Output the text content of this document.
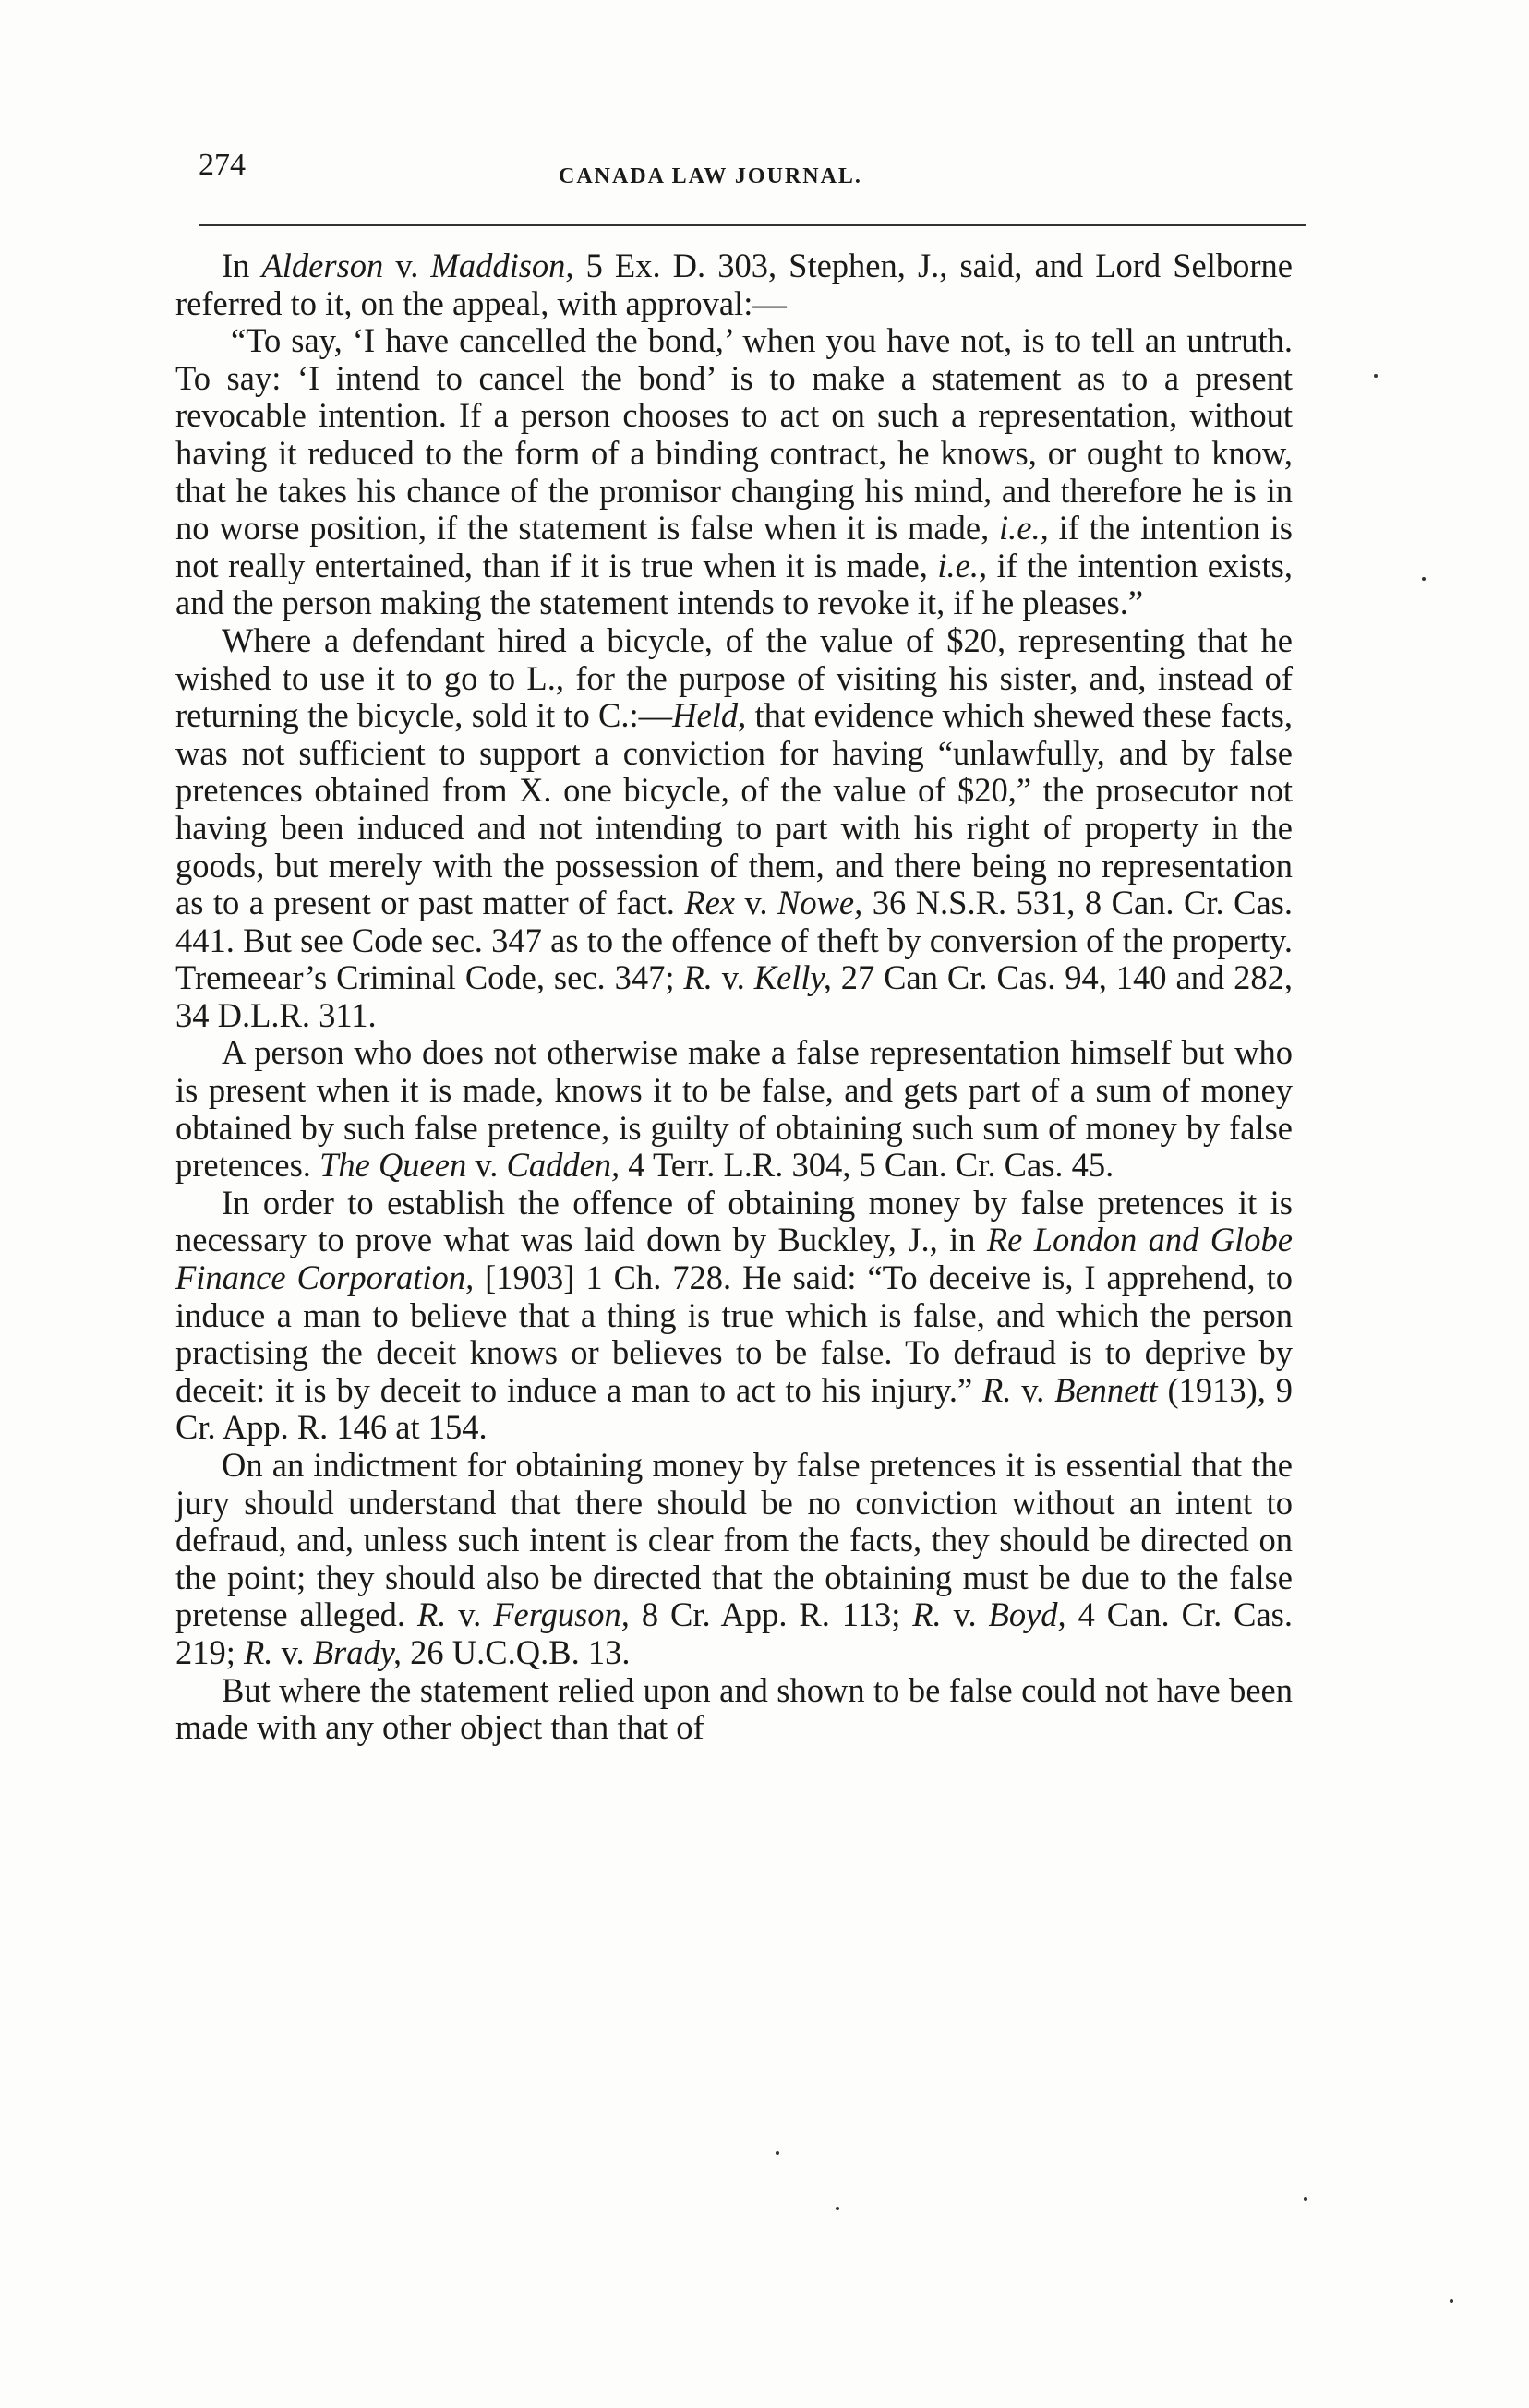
274	CANADA LAW JOURNAL.

In Alderson v. Maddison, 5 Ex. D. 303, Stephen, J., said, and Lord Selborne referred to it, on the appeal, with approval:—

“To say, ‘I have cancelled the bond,’ when you have not, is to tell an untruth. To say: ‘I intend to cancel the bond’ is to make a statement as to a present revocable intention. If a person chooses to act on such a representation, without having it reduced to the form of a binding contract, he knows, or ought to know, that he takes his chance of the promisor changing his mind, and therefore he is in no worse position, if the statement is false when it is made, i.e., if the intention is not really entertained, than if it is true when it is made, i.e., if the intention exists, and the person making the statement intends to revoke it, if he pleases.”

Where a defendant hired a bicycle, of the value of $20, representing that he wished to use it to go to L., for the purpose of visiting his sister, and, instead of returning the bicycle, sold it to C.:—Held, that evidence which shewed these facts, was not sufficient to support a conviction for having “unlawfully, and by false pretences obtained from X. one bicycle, of the value of $20,” the prosecutor not having been induced and not intending to part with his right of property in the goods, but merely with the possession of them, and there being no representation as to a present or past matter of fact. Rex v. Nowe, 36 N.S.R. 531, 8 Can. Cr. Cas. 441. But see Code sec. 347 as to the offence of theft by conversion of the property. Tremeear’s Criminal Code, sec. 347; R. v. Kelly, 27 Can Cr. Cas. 94, 140 and 282, 34 D.L.R. 311.

A person who does not otherwise make a false representation himself but who is present when it is made, knows it to be false, and gets part of a sum of money obtained by such false pretence, is guilty of obtaining such sum of money by false pretences. The Queen v. Cadden, 4 Terr. L.R. 304, 5 Can. Cr. Cas. 45.

In order to establish the offence of obtaining money by false pretences it is necessary to prove what was laid down by Buckley, J., in Re London and Globe Finance Corporation, [1903] 1 Ch. 728. He said: “To deceive is, I apprehend, to induce a man to believe that a thing is true which is false, and which the person practising the deceit knows or believes to be false. To defraud is to deprive by deceit: it is by deceit to induce a man to act to his injury.” R. v. Bennett (1913), 9 Cr. App. R. 146 at 154.

On an indictment for obtaining money by false pretences it is essential that the jury should understand that there should be no conviction without an intent to defraud, and, unless such intent is clear from the facts, they should be directed on the point; they should also be directed that the obtaining must be due to the false pretense alleged. R. v. Ferguson, 8 Cr. App. R. 113; R. v. Boyd, 4 Can. Cr. Cas. 219; R. v. Brady, 26 U.C.Q.B. 13.

But where the statement relied upon and shown to be false could not have been made with any other object than that of
